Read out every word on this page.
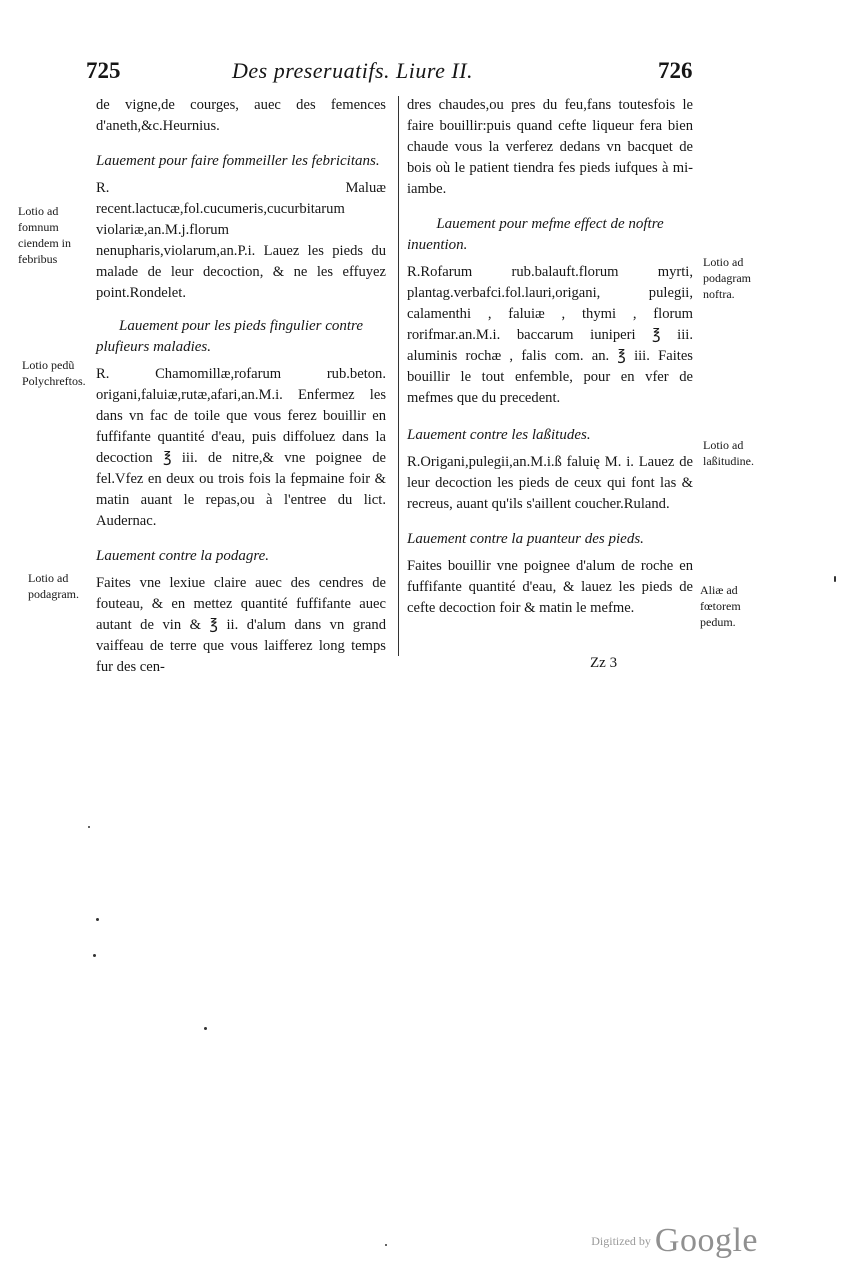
725	Des preseruatifs. Liure II.	726

de vigne,de courges, auec des femences d'aneth,&c.Heurnius.

Lauement pour faire fommeiller les febricitans.

R. Maluæ recent.lactucæ,fol.cucumeris,cucurbitarum violariæ,an.M.j.florum nenupharis,violarum,an.P.i. Lauez les pieds du malade de leur decoction, & ne les effuyez point.Rondelet.

Lauement pour les pieds fingulier contre plufieurs maladies.

R. Chamomillæ,rofarum rub.beton. origani,faluiæ,rutæ,afari,an.M.i. Enfermez les dans vn fac de toile que vous ferez bouillir en fuffifante quantité d'eau, puis diffoluez dans la decoction ℥ iii. de nitre,& vne poignee de fel.Vfez en deux ou trois fois la fepmaine foir & matin auant le repas,ou à l'entree du lict. Audernac.

Lauement contre la podagre.

Faites vne lexiue claire auec des cendres de fouteau, & en mettez quantité fuffifante auec autant de vin & ℥ ii. d'alum dans vn grand vaiffeau de terre que vous laifferez long temps fur des cen-

Lotio ad fomnum ciendem in febribus
Lotio pedũ Polychreftos.
Lotio ad podagram.

dres chaudes,ou pres du feu,fans toutesfois le faire bouillir:puis quand cefte liqueur fera bien chaude vous la verferez dedans vn bacquet de bois où le patient tiendra fes pieds iufques à mi-iambe.

Lauement pour mefme effect de noftre inuention.

R.Rofarum rub.balauft.florum myrti, plantag.verbafci.fol.lauri,origani, pulegii, calamenthi , faluiæ , thymi , florum rorifmar.an.M.i. baccarum iuniperi ℥ iii. aluminis rochæ , falis com. an. ℥ iii. Faites bouillir le tout enfemble, pour en vfer de mefmes que du precedent.

Lauement contre les laßitudes.

R.Origani,pulegii,an.M.i.ß faluię M. i. Lauez de leur decoction les pieds de ceux qui font las & recreus, auant qu'ils s'aillent coucher.Ruland.

Lauement contre la puanteur des pieds.

Faites bouillir vne poignee d'alum de roche en fuffifante quantité d'eau, & lauez les pieds de cefte decoction foir & matin le mefme.

Lotio ad podagram noftra.
Lotio ad laßitudine.
Aliæ ad fœtorem pedum.
Zz 3
Digitized by Google
